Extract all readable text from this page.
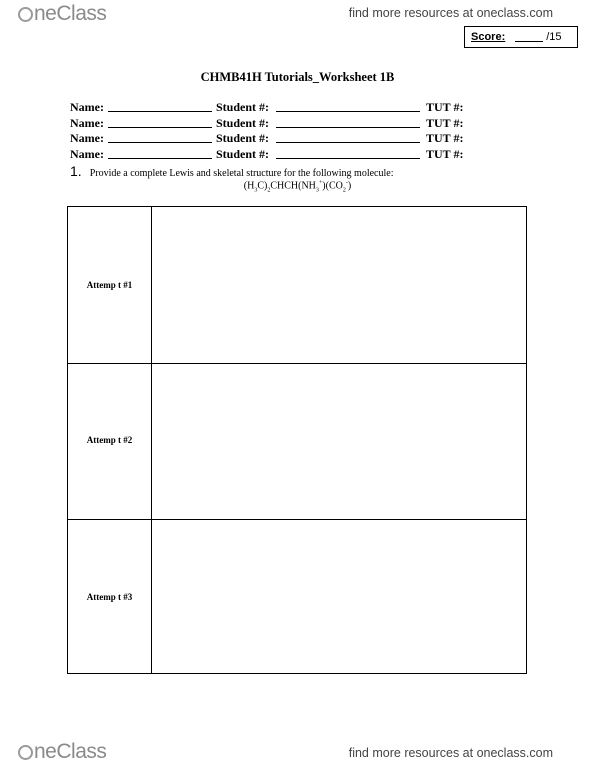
neClass	find more resources at oneclass.com
Score:	/15
CHMB41H Tutorials_Worksheet 1B
Name:	Student #:	TUT #:
Name:	Student #:	TUT #:
Name:	Student #:	TUT #:
Name:	Student #:	TUT #:
1. Provide a complete Lewis and skeletal structure for the following molecule:
$(H_3C)_2CHCH(NH_3^+)(CO_2^-)$
Attemp t #1
Attemp t #2
Attemp t #3
neClass	find more resources at oneclass.com
